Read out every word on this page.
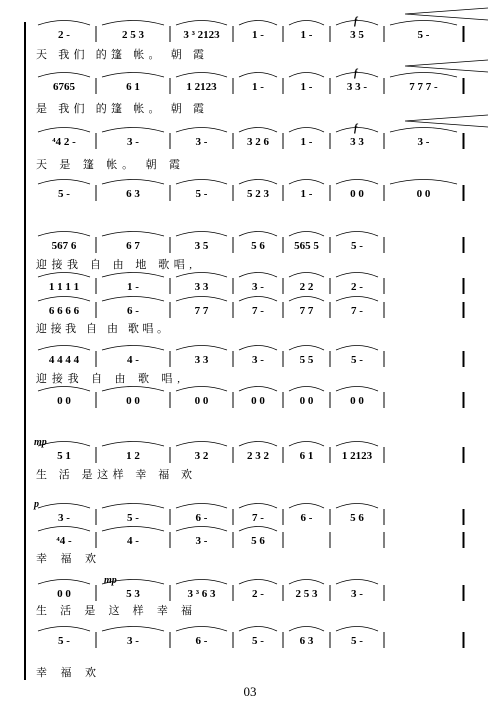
2 -	2 5 3	3 ³ 2123	1 -	1 -	3 5	5 -
天 我们 的篷 帐。 朝 霞
6765	6 1	1 2123	1 -	1 -	3 3 -	7 7 7 -
是 我们 的篷 帐。 朝 霞
⁴4 2 -	3 -	3 -	3 2 6	1 -	3 3	3 -
天 是 篷 帐。 朝 霞
5 -	6 3	5 -	5 2 3	1 -	0 0	0 0
f
f
f
567 6	6 7	3 5	5 6	565 5	5 -
迎接我 自 由 地 歌唱,
1 1 1 1	1 -	3 3	3 -	2 2	2 -
6 6 6 6	6 -	7 7	7 -	7 7	7 -
迎接我 自 由 歌唱。
4 4 4 4	4 -	3 3	3 -	5 5	5 -
迎接我 自 由 歌 唱,
0 0	0 0	0 0	0 0	0 0	0 0
5 1	1 2	3 2	2 3 2	6 1	1 2123
生 活 是这样 幸 福 欢
3 -	5 -	6 -	7 -	6 -	5 6
⁴4 -	4 -	3 -	5 6
幸 福 欢
0 0	5 3	3 ³ 6 3	2 -	2 5 3	3 -
生 活 是 这 样 幸 福
5 -	3 -	6 -	5 -	6 3	5 -
幸 福 欢
mp
p
mp
03
